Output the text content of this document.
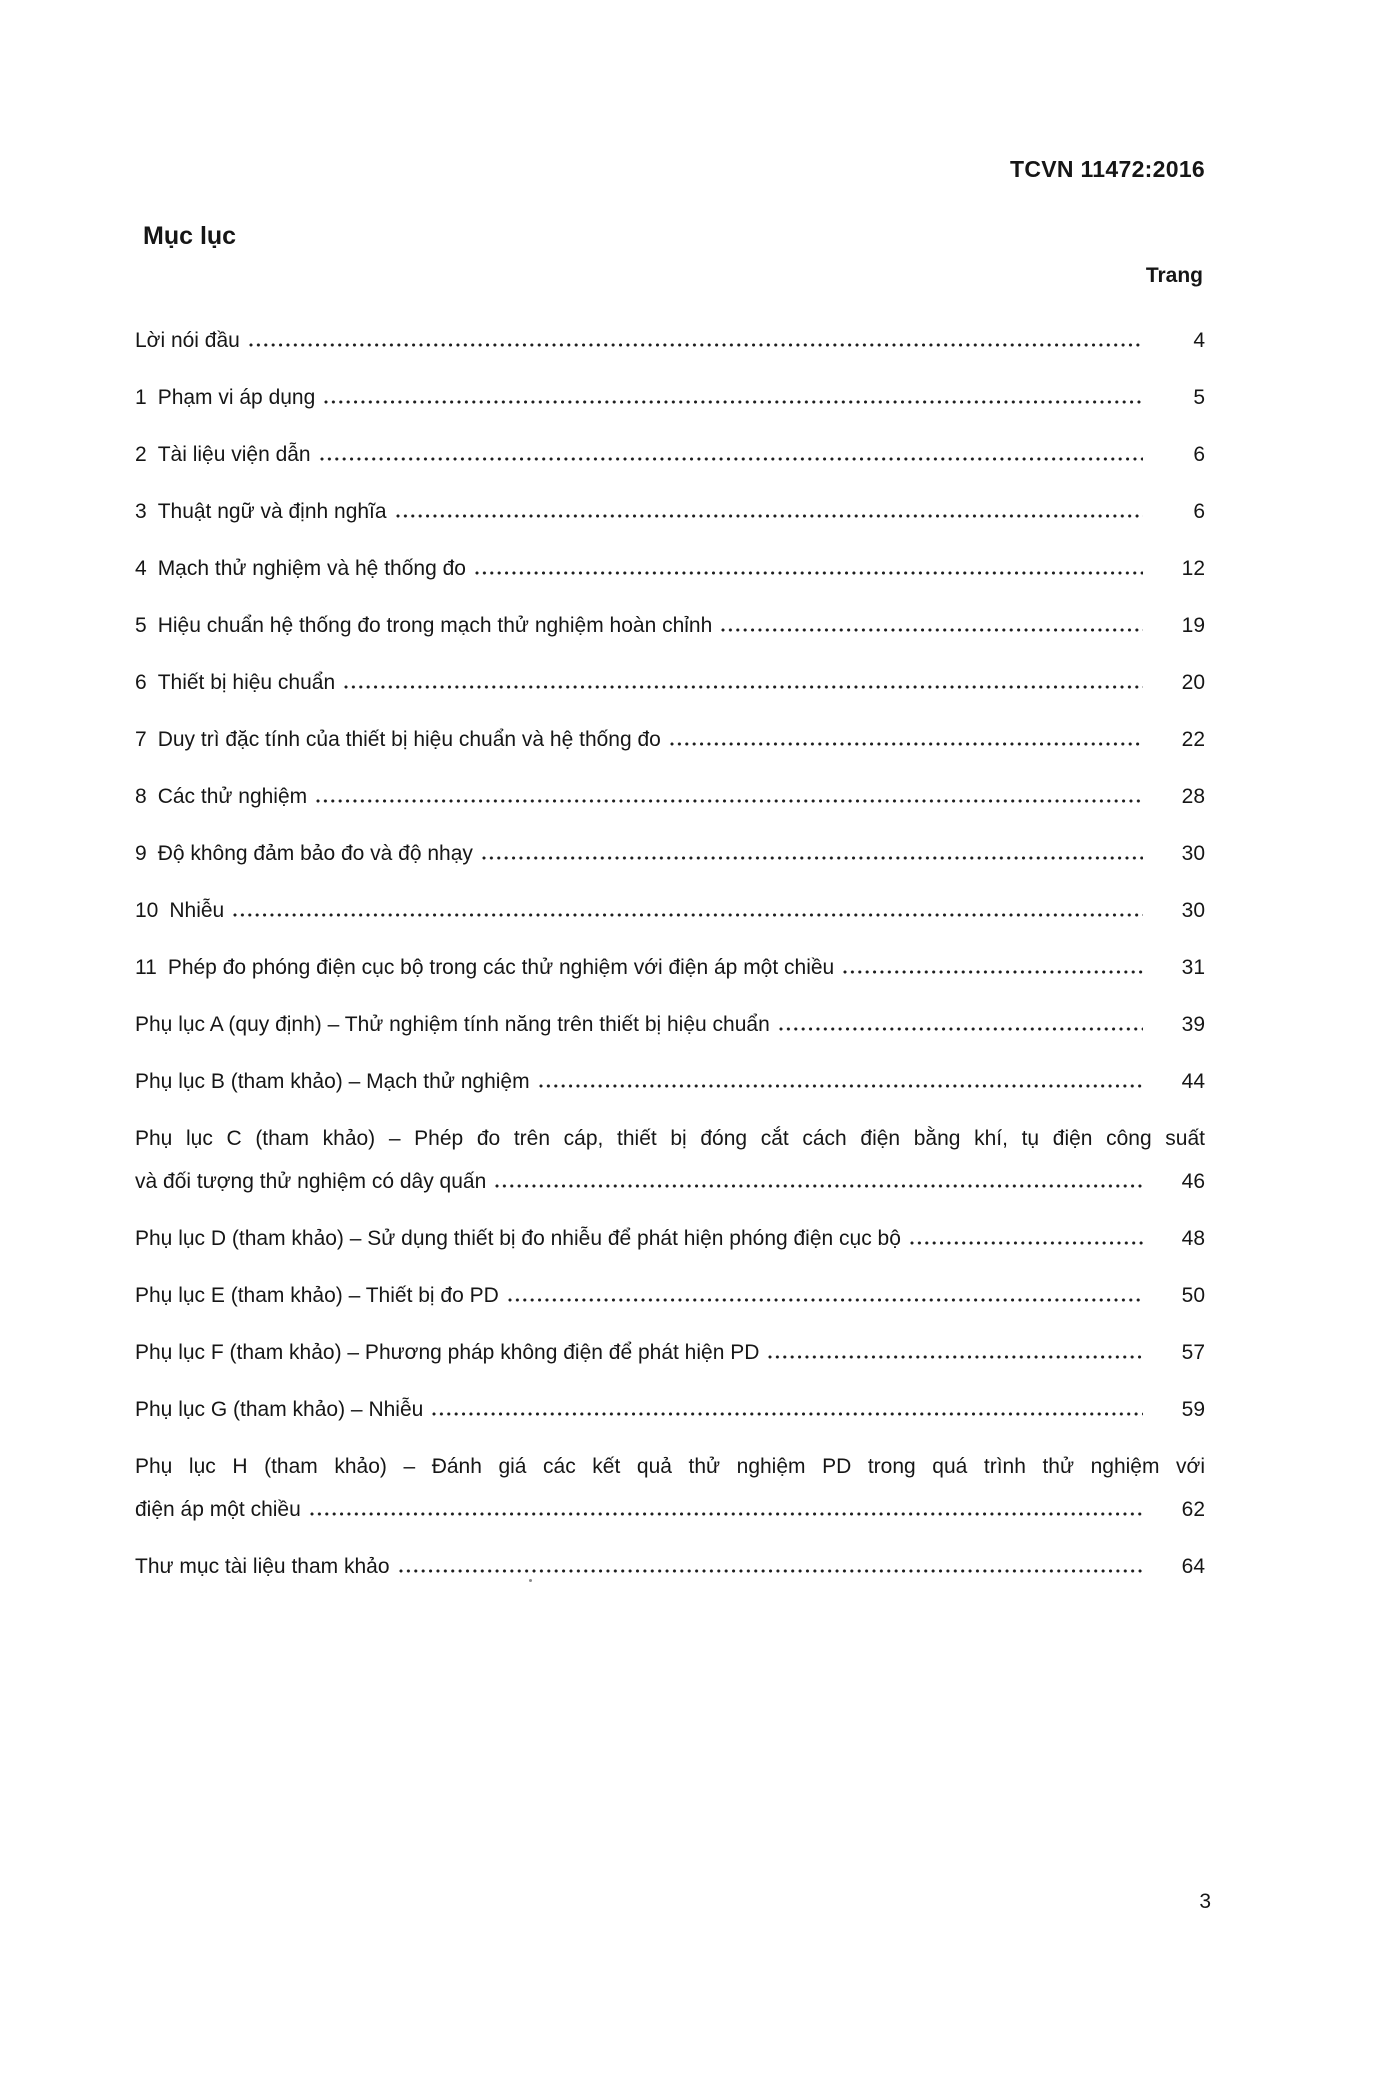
TCVN 11472:2016
Mục lục
Trang
Lời nói đầu	4
1 Phạm vi áp dụng	5
2 Tài liệu viện dẫn	6
3 Thuật ngữ và định nghĩa	6
4 Mạch thử nghiệm và hệ thống đo	12
5 Hiệu chuẩn hệ thống đo trong mạch thử nghiệm hoàn chỉnh	19
6 Thiết bị hiệu chuẩn	20
7 Duy trì đặc tính của thiết bị hiệu chuẩn và hệ thống đo	22
8 Các thử nghiệm	28
9 Độ không đảm bảo đo và độ nhạy	30
10 Nhiễu	30
11 Phép đo phóng điện cục bộ trong các thử nghiệm với điện áp một chiều	31
Phụ lục A (quy định) – Thử nghiệm tính năng trên thiết bị hiệu chuẩn	39
Phụ lục B (tham khảo) – Mạch thử nghiệm	44
Phụ lục C (tham khảo) – Phép đo trên cáp, thiết bị đóng cắt cách điện bằng khí, tụ điện công suất
và đối tượng thử nghiệm có dây quấn	46
Phụ lục D (tham khảo) – Sử dụng thiết bị đo nhiễu để phát hiện phóng điện cục bộ	48
Phụ lục E (tham khảo) – Thiết bị đo PD	50
Phụ lục F (tham khảo) – Phương pháp không điện để phát hiện PD	57
Phụ lục G (tham khảo) – Nhiễu	59
Phụ lục H (tham khảo) – Đánh giá các kết quả thử nghiệm PD trong quá trình thử nghiệm với
điện áp một chiều	62
Thư mục tài liệu tham khảo	64
3
